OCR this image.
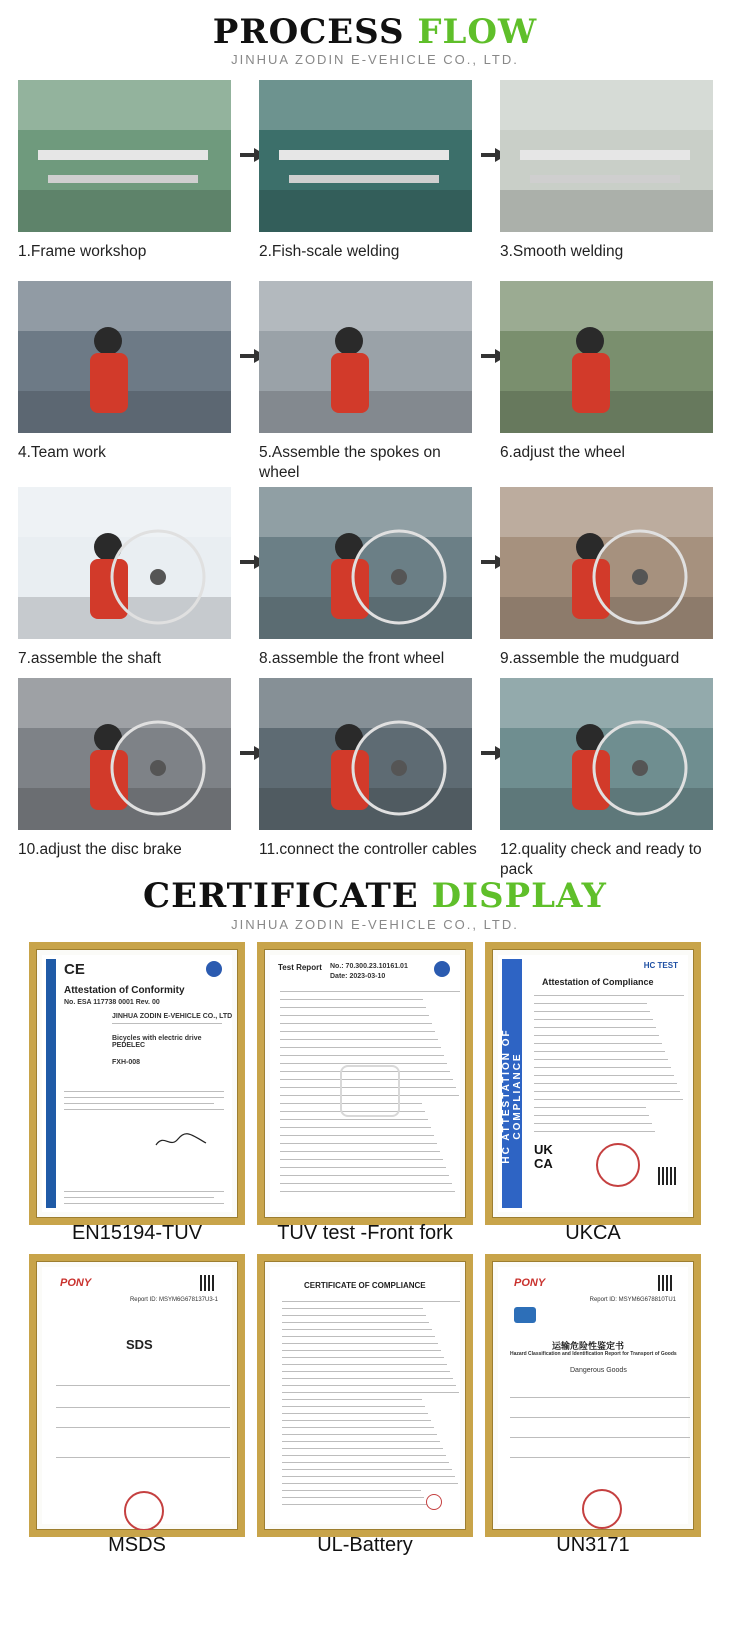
PROCESS FLOW
JINHUA ZODIN E-VEHICLE CO., LTD.
1.Frame workshop	2.Fish-scale welding	3.Smooth welding
4.Team work	5.Assemble the spokes on wheel
6.adjust the wheel
7.assemble the shaft	8.assemble the front wheel	9.assemble the mudguard
10.adjust the disc brake	11.connect the controller cables	12.quality check and ready to pack
CERTIFICATE DISPLAY
JINHUA ZODIN E-VEHICLE CO., LTD.
CE
Attestation of Conformity
No. ESA 117738 0001 Rev. 00
JINHUA ZODIN E-VEHICLE CO., LTD
Bicycles with electric drive PEDELEC
FXH-008
EN15194-TUV
Test Report No.: 70.300.23.10161.01
Date: 2023-03-10
TUV test -Front fork
HC ATTESTATION OF COMPLIANCE
HC TEST
Attestation of Compliance
UK CA
UKCA
PONY
Report ID: MSYM6G678137U3-1
SDS
MSDS
CERTIFICATE OF COMPLIANCE
UL-Battery
PONY
Report ID: MSYM6G678810TU1
运输危险性鉴定书
Hazard Classification and Identification Report for Transport of Goods
Dangerous Goods
UN3171
